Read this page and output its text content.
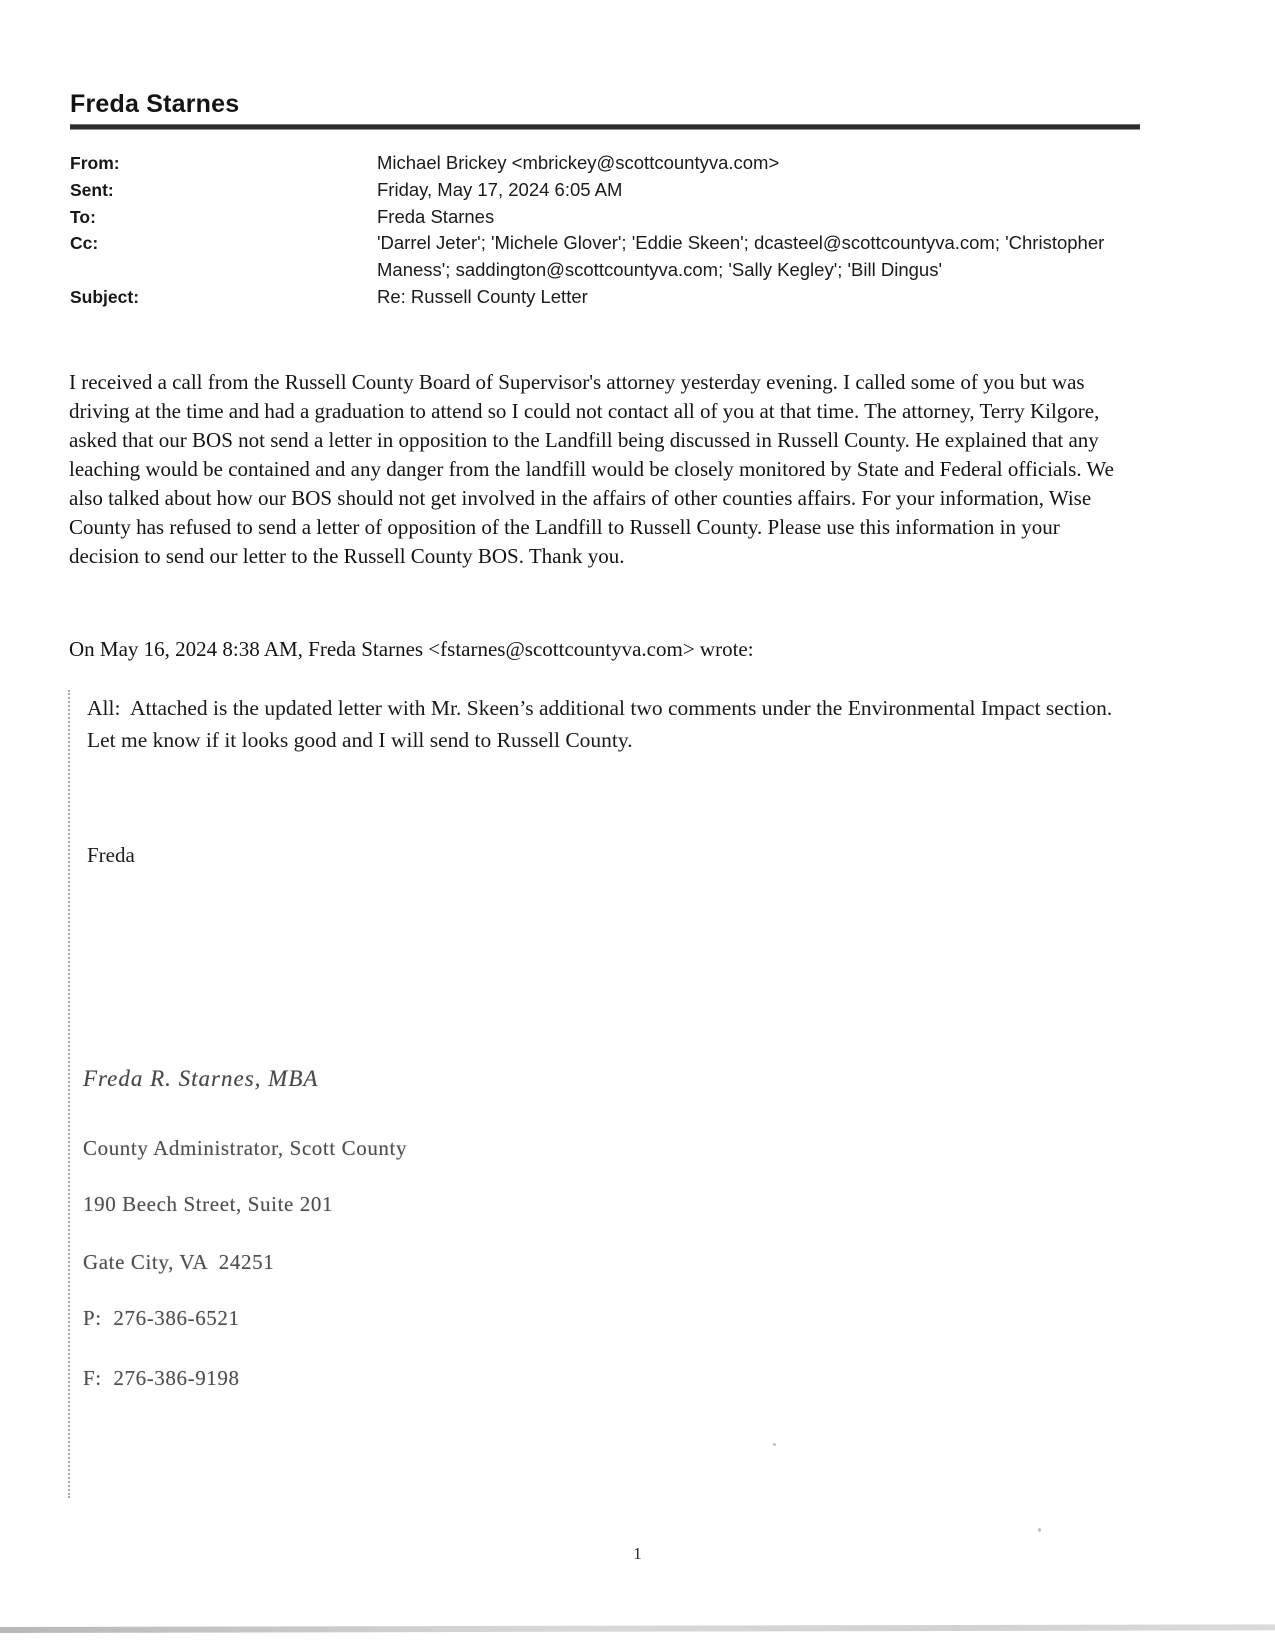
Freda Starnes
From:	Michael Brickey <mbrickey@scottcountyva.com>
Sent:	Friday, May 17, 2024 6:05 AM
To:	Freda Starnes
Cc:	'Darrel Jeter'; 'Michele Glover'; 'Eddie Skeen'; dcasteel@scottcountyva.com; 'Christopher Maness'; saddington@scottcountyva.com; 'Sally Kegley'; 'Bill Dingus'
Subject:	Re: Russell County Letter
I received a call from the Russell County Board of Supervisor's attorney yesterday evening. I called some of you but was driving at the time and had a graduation to attend so I could not contact all of you at that time. The attorney, Terry Kilgore, asked that our BOS not send a letter in opposition to the Landfill being discussed in Russell County. He explained that any leaching would be contained and any danger from the landfill would be closely monitored by State and Federal officials. We also talked about how our BOS should not get involved in the affairs of other counties affairs. For your information, Wise County has refused to send a letter of opposition of the Landfill to Russell County. Please use this information in your decision to send our letter to the Russell County BOS. Thank you.
On May 16, 2024 8:38 AM, Freda Starnes <fstarnes@scottcountyva.com> wrote:
All:  Attached is the updated letter with Mr. Skeen’s additional two comments under the Environmental Impact section.  Let me know if it looks good and I will send to Russell County.
Freda
Freda R. Starnes, MBA
County Administrator, Scott County
190 Beech Street, Suite 201
Gate City, VA  24251
P:  276-386-6521
F:  276-386-9198
1
